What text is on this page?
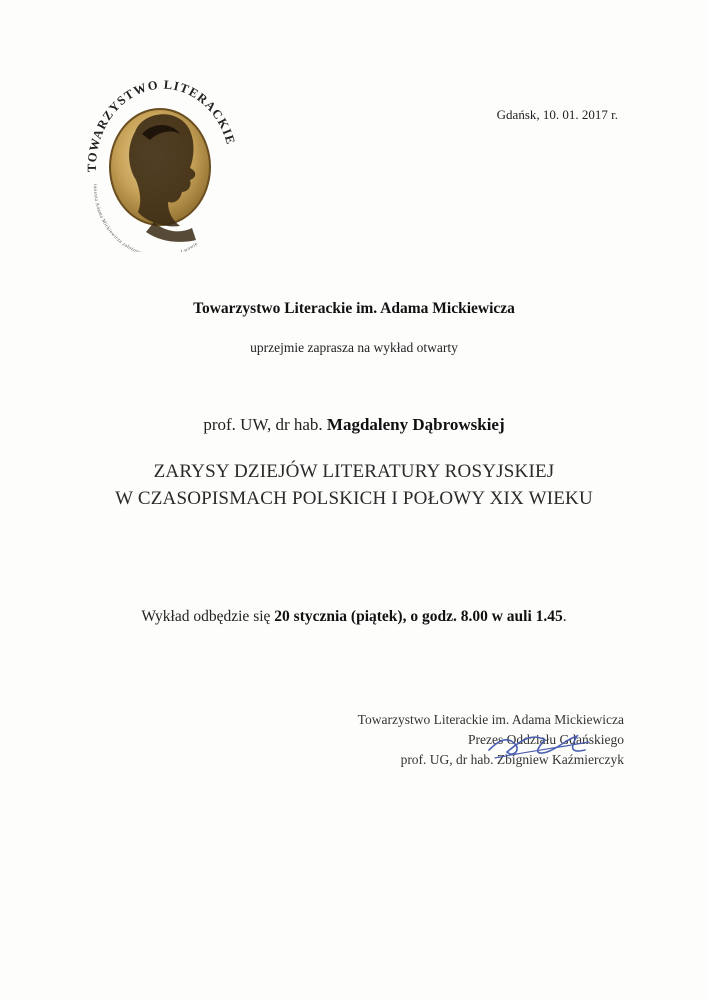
TOWARZYSTWO LITERACKIE
imienia Adama Mickiewicza założo wowie
Gdańsk, 10. 01. 2017 r.
Towarzystwo Literackie im. Adama Mickiewicza
uprzejmie zaprasza na wykład otwarty
prof. UW, dr hab. Magdaleny Dąbrowskiej
ZARYSY DZIEJÓW LITERATURY ROSYJSKIEJ
W CZASOPISMACH POLSKICH I POŁOWY XIX WIEKU
Wykład odbędzie się 20 stycznia (piątek), o godz. 8.00 w auli 1.45.
Towarzystwo Literackie im. Adama Mickiewicza
Prezes Oddziału Gdańskiego
prof. UG, dr hab. Zbigniew Kaźmierczyk
